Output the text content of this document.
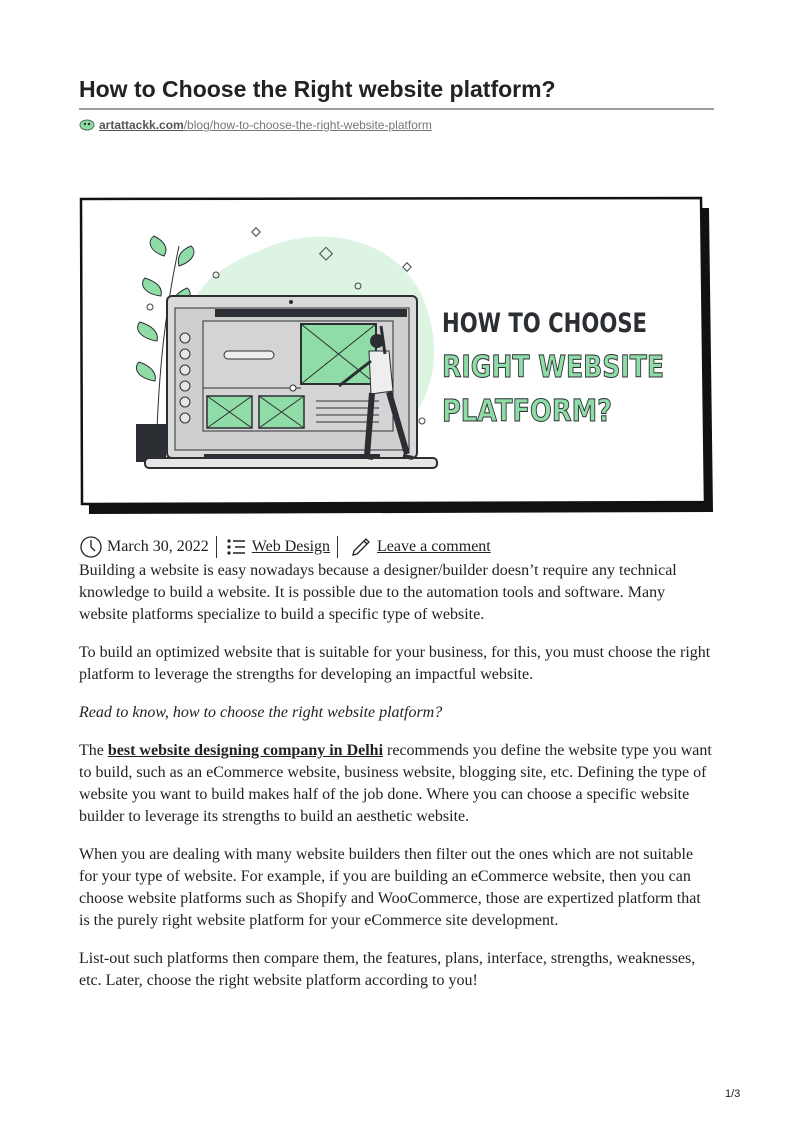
How to Choose the Right website platform?
artattackk.com /blog/how-to-choose-the-right-website-platform
HOW TO CHOOSE
RIGHT WEBSITE
PLATFORM?
March 30, 2022	Web Design	Leave a comment

Building a website is easy nowadays because a designer/builder doesn’t require any technical knowledge to build a website. It is possible due to the automation tools and software. Many website platforms specialize to build a specific type of website.

To build an optimized website that is suitable for your business, for this, you must choose the right platform to leverage the strengths for developing an impactful website.

Read to know, how to choose the right website platform?

The best website designing company in Delhi recommends you define the website type you want to build, such as an eCommerce website, business website, blogging site, etc. Defining the type of website you want to build makes half of the job done. Where you can choose a specific website builder to leverage its strengths to build an aesthetic website.

When you are dealing with many website builders then filter out the ones which are not suitable for your type of website. For example, if you are building an eCommerce website, then you can choose website platforms such as Shopify and WooCommerce, those are expertized platform that is the purely right website platform for your eCommerce site development.

List-out such platforms then compare them, the features, plans, interface, strengths, weaknesses, etc. Later, choose the right website platform according to you!

1/3
